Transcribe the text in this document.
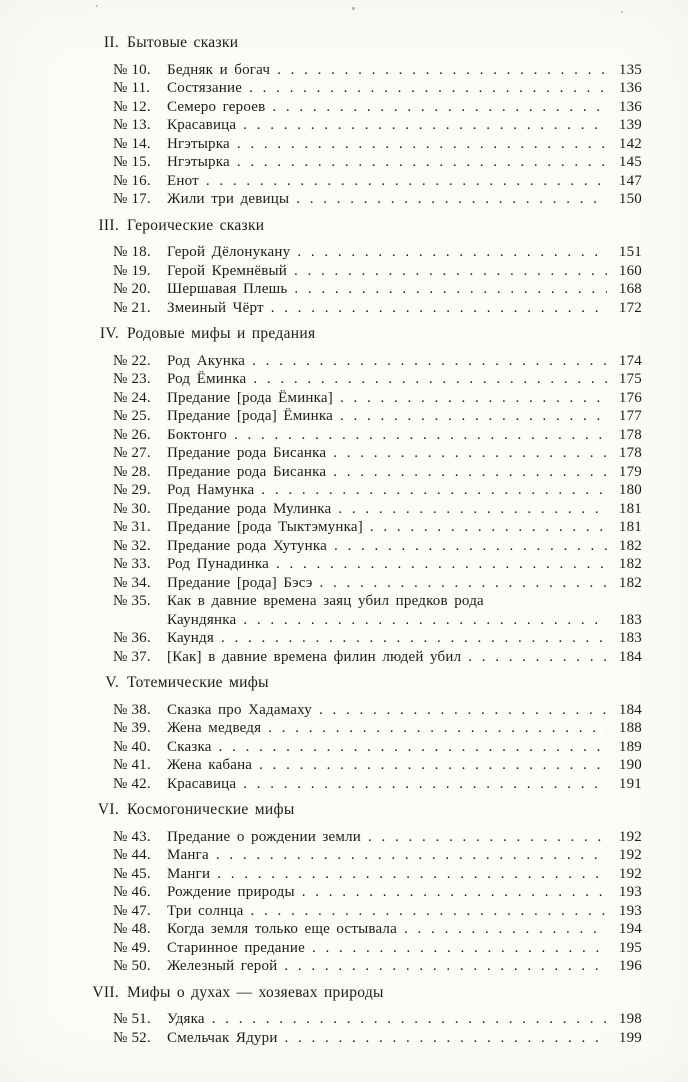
II. Бытовые сказки
№ 10.	Бедняк и богач . . .	135
№ 11.	Состязание . . .	136
№ 12.	Семеро героев . . .	136
№ 13.	Красавица . . .	139
№ 14.	Нгэтырка . . .	142
№ 15.	Нгэтырка . . .	145
№ 16.	Енот . . .	147
№ 17.	Жили три девицы . . .	150
III. Героические сказки
№ 18.	Герой Дёлонукану . . .	151
№ 19.	Герой Кремнёвый . . .	160
№ 20.	Шершавая Плешь . . .	168
№ 21.	Змеиный Чёрт . . .	172
IV. Родовые мифы и предания
№ 22.	Род Акунка . . .	174
№ 23.	Род Ёминка . . .	175
№ 24.	Предание [рода Ёминка] . . .	176
№ 25.	Предание [рода] Ёминка . . .	177
№ 26.	Боктонго . . .	178
№ 27.	Предание рода Бисанка . . .	178
№ 28.	Предание рода Бисанка . . .	179
№ 29.	Род Намунка . . .	180
№ 30.	Предание рода Мулинка . . .	181
№ 31.	Предание [рода Тыктэмунка] . . .	181
№ 32.	Предание рода Хутунка . . .	182
№ 33.	Род Пунадинка . . .	182
№ 34.	Предание [рода] Бэсэ . . .	182
№ 35.	Как в давние времена заяц убил предков рода
Каундянка . . .	183
№ 36.	Каундя . . .	183
№ 37.	[Как] в давние времена филин людей убил . . .	184
V. Тотемические мифы
№ 38.	Сказка про Хадамаху . . .	184
№ 39.	Жена медведя . . .	188
№ 40.	Сказка . . .	189
№ 41.	Жена кабана . . .	190
№ 42.	Красавица . . .	191
VI. Космогонические мифы
№ 43.	Предание о рождении земли . . .	192
№ 44.	Манга . . .	192
№ 45.	Манги . . .	192
№ 46.	Рождение природы . . .	193
№ 47.	Три солнца . . .	193
№ 48.	Когда земля только еще остывала . . .	194
№ 49.	Старинное предание . . .	195
№ 50.	Железный герой . . .	196
VII. Мифы о духах — хозяевах природы
№ 51.	Удяка . . .	198
№ 52.	Смельчак Ядури . . .	199
